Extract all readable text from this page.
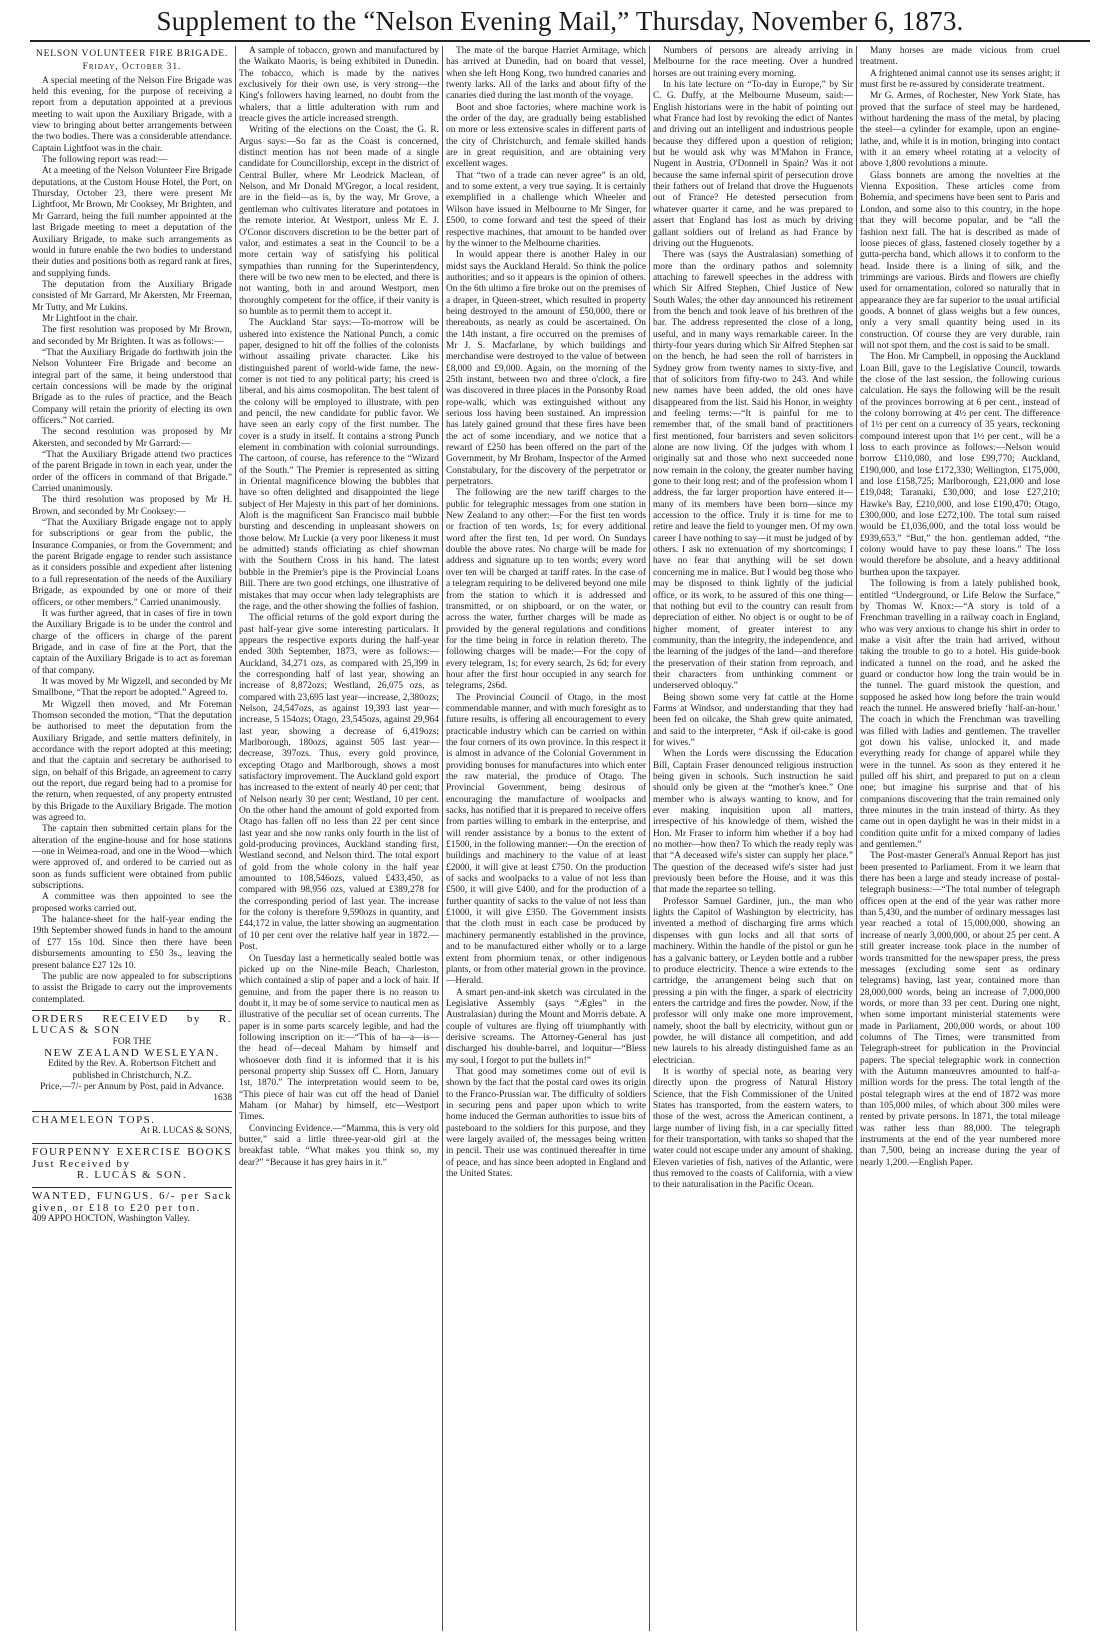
Supplement to the “Nelson Evening Mail,” Thursday, November 6, 1873.

NELSON VOLUNTEER FIRE BRIGADE.

Friday, October 31.

A special meeting of the Nelson Fire Brigade was held this evening, for the purpose of receiving a report from a deputation appointed at a previous meeting to wait upon the Auxiliary Brigade, with a view to bringing about better arrangements between the two bodies. There was a considerable attendance. Captain Lightfoot was in the chair.

The following report was read:—

At a meeting of the Nelson Volunteer Fire Brigade deputations, at the Custom House Hotel, the Port, on Thursday, October 23, there were present Mr Lightfoot, Mr Brown, Mr Cooksey, Mr Brighten, and Mr Garrard, being the full number appointed at the last Brigade meeting to meet a deputation of the Auxiliary Brigade, to make such arrangements as would in future enable the two bodies to understand their duties and positions both as regard rank at fires, and supplying funds.

The deputation from the Auxiliary Brigade consisted of Mr Garrard, Mr Akersten, Mr Freeman, Mr Tutty, and Mr Lukins.

Mr Lightfoot in the chair.

The first resolution was proposed by Mr Brown, and seconded by Mr Brighten. It was as follows:—

“That the Auxiliary Brigade do forthwith join the Nelson Volunteer Fire Brigade and become an integral part of the same, it being understood that certain concessions will be made by the original Brigade as to the rules of practice, and the Beach Company will retain the priority of electing its own officers.” Not carried.

The second resolution was proposed by Mr Akersten, and seconded by Mr Garrard:—

“That the Auxiliary Brigade attend two practices of the parent Brigade in town in each year, under the order of the officers in command of that Brigade.” Carried unanimously.

The third resolution was proposed by Mr H. Brown, and seconded by Mr Cooksey:—

“That the Auxiliary Brigade engage not to apply for subscriptions or gear from the public, the Insurance Companies, or from the Government; and the parent Brigade engage to render such assistance as it considers possible and expedient after listening to a full representation of the needs of the Auxiliary Brigade, as expounded by one or more of their officers, or other members.” Carried unanimously.

It was further agreed, that in cases of fire in town the Auxiliary Brigade is to be under the control and charge of the officers in charge of the parent Brigade, and in case of fire at the Port, that the captain of the Auxiliary Brigade is to act as foreman of that company.

It was moved by Mr Wigzell, and seconded by Mr Smallbone, “That the report be adopted.” Agreed to.

Mr Wigzell then moved, and Mr Foreman Thomson seconded the motion, “That the deputation be authorised to meet the deputation from the Auxiliary Brigade, and settle matters definitely, in accordance with the report adopted at this meeting; and that the captain and secretary be authorised to sign, on behalf of this Brigade, an agreement to carry out the report, due regard being had to a promise for the return, when requested, of any property entrusted by this Brigade to the Auxiliary Brigade. The motion was agreed to.

The captain then submitted certain plans for the alteration of the engine-house and for hose stations—one in Weimea-road, and one in the Wood—which were approved of, and ordered to be carried out as soon as funds sufficient were obtained from public subscriptions.

A committee was then appointed to see the proposed works carried out.

The balance-sheet for the half-year ending the 19th September showed funds in hand to the amount of £77 15s 10d. Since then there have been disbursements amounting to £50 3s., leaving the present balance £27 12s 10.

The public are now appealed to for subscriptions to assist the Brigade to carry out the improvements contemplated.

ORDERS RECEIVED by R. LUCAS & SON
FOR THE
NEW ZEALAND WESLEYAN.
Edited by the Rev. A. Robertson Fitchett and published in Christchurch, N.Z.
Price,—7/- per Annum by Post, paid in Advance.
1638
CHAMELEON TOPS.
At R. LUCAS & SONS,
FOURPENNY EXERCISE BOOKS Just Received by
R. LUCAS & SON.
WANTED, FUNGUS. 6/- per Sack given, or £18 to £20 per ton.
409 APPO HOCTON, Washington Valley.

A sample of tobacco, grown and manufactured by the Waikato Maoris, is being exhibited in Dunedin. The tobacco, which is made by the natives exclusively for their own use, is very strong—the King's followers having learned, no doubt from the whalers, that a little adulteration with rum and treacle gives the article increased strength.

Writing of the elections on the Coast, the G. R. Argus says:—So far as the Coast is concerned, distinct mention has not been made of a single candidate for Councillorship, except in the district of Central Buller, where Mr Leodrick Maclean, of Nelson, and Mr Donald M'Gregor, a local resident, are in the field—as is, by the way, Mr Grove, a gentleman who cultivates literature and potatoes in the remote interior. At Westport, unless Mr E. J. O'Conor discovers discretion to be the better part of valor, and estimates a seat in the Council to be a more certain way of satisfying his political sympathies than running for the Superintendency, there will be two new men to be elected, and there is not wanting, both in and around Westport, men thoroughly competent for the office, if their vanity is so humble as to permit them to accept it.

The Auckland Star says:—To-morrow will be ushered into existence the National Punch, a comic paper, designed to hit off the follies of the colonists without assailing private character. Like his distinguished parent of world-wide fame, the new-comer is not tied to any political party; his creed is liberal, and his aims cosmopolitan. The best talent of the colony will be employed to illustrate, with pen and pencil, the new candidate for public favor. We have seen an early copy of the first number. The cover is a study in itself. It contains a strong Punch element in combination with colonial surroundings. The cartoon, of course, has reference to the “Wizard of the South.” The Premier is represented as sitting in Oriental magnificence blowing the bubbles that have so often delighted and disappointed the liege subject of Her Majesty in this part of her dominions. Aloft is the magnificent San Francisco mail bubble bursting and descending in unpleasant showers on those below. Mr Luckie (a very poor likeness it must be admitted) stands officiating as chief showman with the Southern Cross in his hand. The latest bubble in the Premier's pipe is the Provincial Loans Bill. There are two good etchings, one illustrative of mistakes that may occur when lady telegraphists are the rage, and the other showing the follies of fashion.

The official returns of the gold export during the past half-year give some interesting particulars. It appears the respective exports during the half-year ended 30th September, 1873, were as follows:—Auckland, 34,271 ozs, as compared with 25,399 in the corresponding half of last year, showing an increase of 8,872ozs; Westland, 26,075 ozs, as compared with 23,695 last year—increase, 2,380ozs; Nelson, 24,547ozs, as against 19,393 last year—increase, 5 154ozs; Otago, 23,545ozs, against 29,964 last year, showing a decrease of 6,419ozs; Marlborough, 180ozs, against 505 last year—decrease, 397ozs. Thus, every gold province, excepting Otago and Marlborough, shows a most satisfactory improvement. The Auckland gold export has increased to the extent of nearly 40 per cent; that of Nelson nearly 30 per cent; Westland, 10 per cent. On the other hand the amount of gold exported from Otago has fallen off no less than 22 per cent since last year and she now ranks only fourth in the list of gold-producing provinces, Auckland standing first, Westland second, and Nelson third. The total export of gold from the whole colony in the half year amounted to 108,546ozs, valued £433,450, as compared with 98,956 ozs, valued at £389,278 for the corresponding period of last year. The increase for the colony is therefore 9,590ozs in quantity, and £44,172 in value, the latter showing an augmentation of 10 per cent over the relative half year in 1872.—Post.

On Tuesday last a hermetically sealed bottle was picked up on the Nine-mile Beach, Charleston, which contained a slip of paper and a lock of hair. If genuine, and from the paper there is no reason to doubt it, it may be of some service to nautical men as illustrative of the peculiar set of ocean currents. The paper is in some parts scarcely legible, and had the following inscription on it:—“This of ha—a—is—the head of—deceal Maham by himself and whosoever doth find it is informed that it is his personal property ship Sussex off C. Horn, January 1st, 1870.” The interpretation would seem to be, “This piece of hair was cut off the head of Daniel Maham (or Mahar) by himself, etc—Westport Times.

Convincing Evidence.—“Mamma, this is very old butter,” said a little three-year-old girl at the breakfast table. “What makes you think so, my dear?” “Because it has grey hairs in it.”

The mate of the barque Harriet Armitage, which has arrived at Dunedin, had on board that vessel, when she left Hong Kong, two hundred canaries and twenty larks. All of the larks and about fifty of the canaries died during the last month of the voyage.

Boot and shoe factories, where machine work is the order of the day, are gradually being established on more or less extensive scales in different parts of the city of Christchurch, and female skilled hands are in great requisition, and are obtaining very excellent wages.

That “two of a trade can never agree” is an old, and to some extent, a very true saying. It is certainly exemplified in a challenge which Wheeler and Wilson have issued in Melbourne to Mr Singer, for £500, to come forward and test the speed of their respective machines, that amount to be handed over by the winner to the Melbourne charities.

In would appear there is another Haley in our midst says the Auckland Herald. So think the police authorities; and so it appears is the opinion of others. On the 6th ultimo a fire broke out on the premises of a draper, in Queen-street, which resulted in property being destroyed to the amount of £50,000, there or thereabouts, as nearly as could be ascertained. On the 14th instant, a fire occurred on the premises of Mr J. S. Macfarlane, by which buildings and merchandise were destroyed to the value of between £8,000 and £9,000. Again, on the morning of the 25th instant, between two and three o'clock, a fire was discovered in three places in the Ponsonby Road rope-walk, which was extinguished without any serious loss having been sustained. An impression has lately gained ground that these fires have been the act of some incendiary, and we notice that a reward of £250 has been offered on the part of the Government, by Mr Broham, Inspector of the Armed Constabulary, for the discovery of the perpetrator or perpetrators.

The following are the new tariff charges to the public for telegraphic messages from one station in New Zealand to any other:—For the first ten words or fraction of ten words, 1s; for every additional word after the first ten, 1d per word. On Sundays double the above rates. No charge will be made for address and signature up to ten words; every word over ten will be charged at tariff rates. In the case of a telegram requiring to be delivered beyond one mile from the station to which it is addressed and transmitted, or on shipboard, or on the water, or across the water, further charges will be made as provided by the general regulations and conditions for the time being in force in relation thereto. The following charges will be made:—For the copy of every telegram, 1s; for every search, 2s 6d; for every hour after the first hour occupied in any search for telegrams, 2s6d.

The Provincial Council of Otago, in the most commendable manner, and with much foresight as to future results, is offering all encouragement to every practicable industry which can be carried on within the four corners of its own province. In this respect it is almost in advance of the Colonial Government in providing bonuses for manufactures into which enter the raw material, the produce of Otago. The Provincial Government, being desirous of encouraging the manufacture of woolpacks and sacks, has notified that it is prepared to receive offers from parties willing to embark in the enterprise, and will render assistance by a bonus to the extent of £1500, in the following manner:—On the erection of buildings and machinery to the value of at least £2000, it will give at least £750. On the production of sacks and woolpacks to a value of not less than £500, it will give £400, and for the production of a further quantity of sacks to the value of not less than £1000, it will give £350. The Government insists that the cloth must in each case be produced by machinery permanently established in the province, and to be manufactured either wholly or to a large extent from phormium tenax, or other indigenous plants, or from other material grown in the province.—Herald.

A smart pen-and-ink sketch was circulated in the Legislative Assembly (says “Ægles” in the Australasian) during the Mount and Morris debate. A couple of vultures are flying off triumphantly with derisive screams. The Attorney-General has just discharged his double-barrel, and loquitur—“Bless my soul, I forgot to put the bullets in!”

That good may sometimes come out of evil is shown by the fact that the postal card owes its origin to the Franco-Prussian war. The difficulty of soldiers in securing pens and paper upon which to write home induced the German authorities to issue bits of pasteboard to the soldiers for this purpose, and they were largely availed of, the messages being written in pencil. Their use was continued thereafter in time of peace, and has since been adopted in England and the United States.

Numbers of persons are already arriving in Melbourne for the race meeting. Over a hundred horses are out training every morning.

In his late lecture on “To-day in Europe,” by Sir C. G. Duffy, at the Melbourne Museum, said:—English historians were in the habit of pointing out what France had lost by revoking the edict of Nantes and driving out an intelligent and industrious people because they differed upon a question of religion; but he would ask why was M'Mahon in France, Nugent in Austria, O'Donnell in Spain? Was it not because the same infernal spirit of persecution drove their fathers out of Ireland that drove the Huguenots out of France? He detested persecution from whatever quarter it came, and he was prepared to assert that England has lost as much by driving gallant soldiers out of Ireland as had France by driving out the Huguenots.

There was (says the Australasian) something of more than the ordinary pathos and solemnity attaching to farewell speeches in the address with which Sir Alfred Stephen, Chief Justice of New South Wales, the other day announced his retirement from the bench and took leave of his brethren of the bar. The address represented the close of a long, useful, and in many ways remarkable career. In the thirty-four years during which Sir Alfred Stephen sat on the bench, he had seen the roll of barristers in Sydney grow from twenty names to sixty-five, and that of solicitors from fifty-two to 243. And while new names have been added, the old ones have disappeared from the list. Said his Honor, in weighty and feeling terms:—“It is painful for me to remember that, of the small band of practitioners first mentioned, four barristers and seven solicitors alone are now living. Of the judges with whom I originally sat and those who next succeeded none now remain in the colony, the greater number having gone to their long rest; and of the profession whom I address, the far larger proportion have entered it—many of its members have been born—since my accession to the office. Truly it is time for me to retire and leave the field to younger men. Of my own career I have nothing to say—it must be judged of by others. I ask no extenuation of my shortcomings; I have no fear that anything will be set down concerning me in malice. But I would beg those who may be disposed to think lightly of the judicial office, or its work, to be assured of this one thing—that nothing but evil to the country can result from depreciation of either. No object is or ought to be of higher moment, of greater interest to any community, than the integrity, the independence, and the learning of the judges of the land—and therefore the preservation of their station from reproach, and their characters from unthinking comment or underserved obloquy.”

Being shown some very fat cattle at the Home Farms at Windsor, and understanding that they had been fed on oilcake, the Shah grew quite animated, and said to the interpreter, “Ask if oil-cake is good for wives.”

When the Lords were discussing the Education Bill, Captain Fraser denounced religious instruction being given in schools. Such instruction he said should only be given at the “mother's knee.” One member who is always wanting to know, and for ever making inquisition upon all matters, irrespective of his knowledge of them, wished the Hon. Mr Fraser to inform him whether if a boy had no mother—how then? To which the ready reply was that “A deceased wife's sister can supply her place.” The question of the deceased wife's sister had just previously been before the House, and it was this that made the repartee so telling.

Professor Samuel Gardiner, jun., the man who lights the Capitol of Washington by electricity, has invented a method of discharging fire arms which dispenses with gun locks and all that sorts of machinery. Within the handle of the pistol or gun he has a galvanic battery, or Leyden bottle and a rubber to produce electricity. Thence a wire extends to the cartridge, the arrangement being such that on pressing a pin with the finger, a spark of electricity enters the cartridge and fires the powder. Now, if the professor will only make one more improvement, namely, shoot the ball by electricity, without gun or powder, he will distance all competition, and add new laurels to his already distinguished fame as an electrician.

It is worthy of special note, as bearing very directly upon the progress of Natural History Science, that the Fish Commissioner of the United States has transported, from the eastern waters, to those of the west, across the American continent, a large number of living fish, in a car specially fitted for their transportation, with tanks so shaped that the water could not escape under any amount of shaking. Eleven varieties of fish, natives of the Atlantic, were thus removed to the coasts of California, with a view to their naturalisation in the Pacific Ocean.

Many horses are made vicious from cruel treatment.

A frightened animal cannot use its senses aright; it must first be re-assured by considerate treatment.

Mr G. Armes, of Rochester, New York State, has proved that the surface of steel may be hardened, without hardening the mass of the metal, by placing the steel—a cylinder for example, upon an engine-lathe, and, while it is in motion, bringing into contact with it an emery wheel rotating at a velocity of above 1,800 revolutions a minute.

Glass bonnets are among the novelties at the Vienna Exposition. These articles come from Bohemia, and specimens have been sent to Paris and London, and some also to this country, in the hope that they will become popular, and be “all the fashion next fall. The hat is described as made of loose pieces of glass, fastened closely together by a gutta-percha band, which allows it to conform to the head. Inside there is a lining of silk, and the trimmings are various. Birds and flowers are chiefly used for ornamentation, colored so naturally that in appearance they are far superior to the usual artificial goods. A bonnet of glass weighs but a few ounces, only a very small quantity being used in its construction. Of course they are very durable, rain will not spot them, and the cost is said to be small.

The Hon. Mr Campbell, in opposing the Auckland Loan Bill, gave to the Legislative Council, towards the close of the last session, the following curious calculation. He says the following will be the result of the provinces borrowing at 6 per cent., instead of the colony borrowing at 4½ per cent. The difference of 1½ per cent on a currency of 35 years, reckoning compound interest upon that 1½ per cent., will be a loss to each province as follows:—Nelson would borrow £110,080, and lose £99,770; Auckland, £190,000, and lose £172,330; Wellington, £175,000, and lose £158,725; Marlborough, £21,000 and lose £19,048; Taranaki, £30,000, and lose £27,210; Hawke's Bay, £210,000, and lose £190,470; Otago, £300,000, and lose £272,100. The total sum raised would be £1,036,000, and the total loss would be £939,653.” “But,” the hon. gentleman added, “the colony would have to pay these loans.” The loss would therefore be absolute, and a heavy additional burthen upon the taxpayer.

The following is from a lately published book, entitled “Underground, or Life Below the Surface,” by Thomas W. Knox:—“A story is told of a Frenchman travelling in a railway coach in England, who was very anxious to change his shirt in order to make a visit after the train had arrived, without taking the trouble to go to a hotel. His guide-book indicated a tunnel on the road, and he asked the guard or conductor how long the train would be in the tunnel. The guard mistook the question, and supposed he asked how long before the train would reach the tunnel. He answered briefly ‘half-an-hour.’ The coach in which the Frenchman was travelling was filled with ladies and gentlemen. The traveller got down his valise, unlocked it, and made everything ready for change of apparel while they were in the tunnel. As soon as they entered it he pulled off his shirt, and prepared to put on a clean one; but imagine his surprise and that of his companions discovering that the train remained only three minutes in the train instead of thirty. As they came out in open daylight he was in their midst in a condition quite unfit for a mixed company of ladies and gentlemen.”

The Post-master General's Annual Report has just been presented to Parliament. From it we learn that there has been a large and steady increase of postal-telegraph business:—“The total number of telegraph offices open at the end of the year was rather more than 5,430, and the number of ordinary messages last year reached a total of 15,000,000, showing an increase of nearly 3,000,000, or about 25 per cent. A still greater increase took place in the number of words transmitted for the newspaper press, the press messages (excluding some sent as ordinary telegrams) having, last year, contained more than 28,000,000 words, being an increase of 7,000,000 words, or more than 33 per cent. During one night, when some important ministerial statements were made in Parliament, 200,000 words, or about 100 columns of The Times, were transmitted from Telegraph-street for publication in the Provincial papers. The special telegraphic work in connection with the Autumn manœuvres amounted to half-a-million words for the press. The total length of the postal telegraph wires at the end of 1872 was more than 105,000 miles, of which about 300 miles were rented by private persons. In 1871, the total mileage was rather less than 88,000. The telegraph instruments at the end of the year numbered more than 7,500, being an increase during the year of nearly 1,200.—English Paper.
